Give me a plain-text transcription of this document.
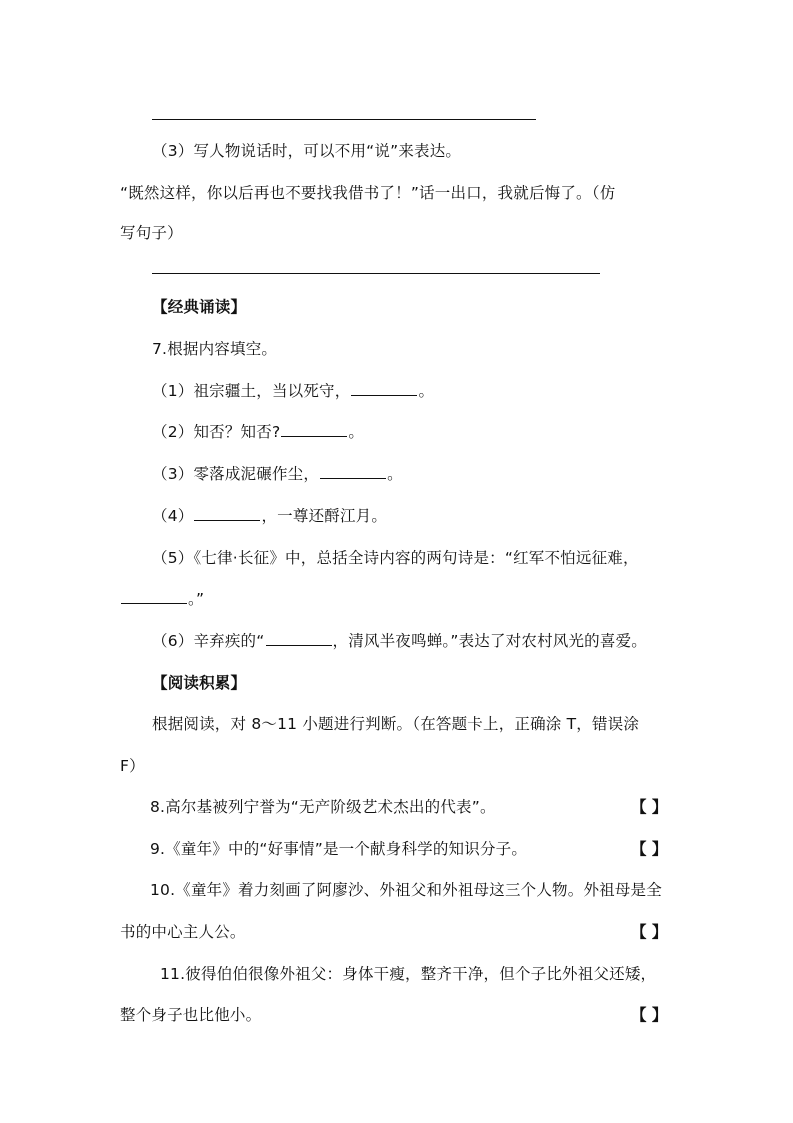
（3）写人物说话时，可以不用“说”来表达。
“既然这样，你以后再也不要找我借书了！”话一出口，我就后悔了。（仿
写句子）
【经典诵读】
7.根据内容填空。
（1）祖宗疆土，当以死守，	。
（2）知否？知否?	。
（3）零落成泥碾作尘，	。
（4）	，一尊还酹江月。
（5）《七律·长征》中，总括全诗内容的两句诗是：“红军不怕远征难，
。”
（6）辛弃疾的“	，清风半夜鸣蝉。”表达了对农村风光的喜爱。
【阅读积累】
根据阅读，对 8～11 小题进行判断。（在答题卡上，正确涂 T，错误涂
F）
8.高尔基被列宁誉为“无产阶级艺术杰出的代表”。	【 】
9.《童年》中的“好事情”是一个献身科学的知识分子。	【 】
10.《童年》着力刻画了阿廖沙、外祖父和外祖母这三个人物。外祖母是全
书的中心主人公。	【 】
11.彼得伯伯很像外祖父：身体干瘦，整齐干净，但个子比外祖父还矮，
整个身子也比他小。	【 】
